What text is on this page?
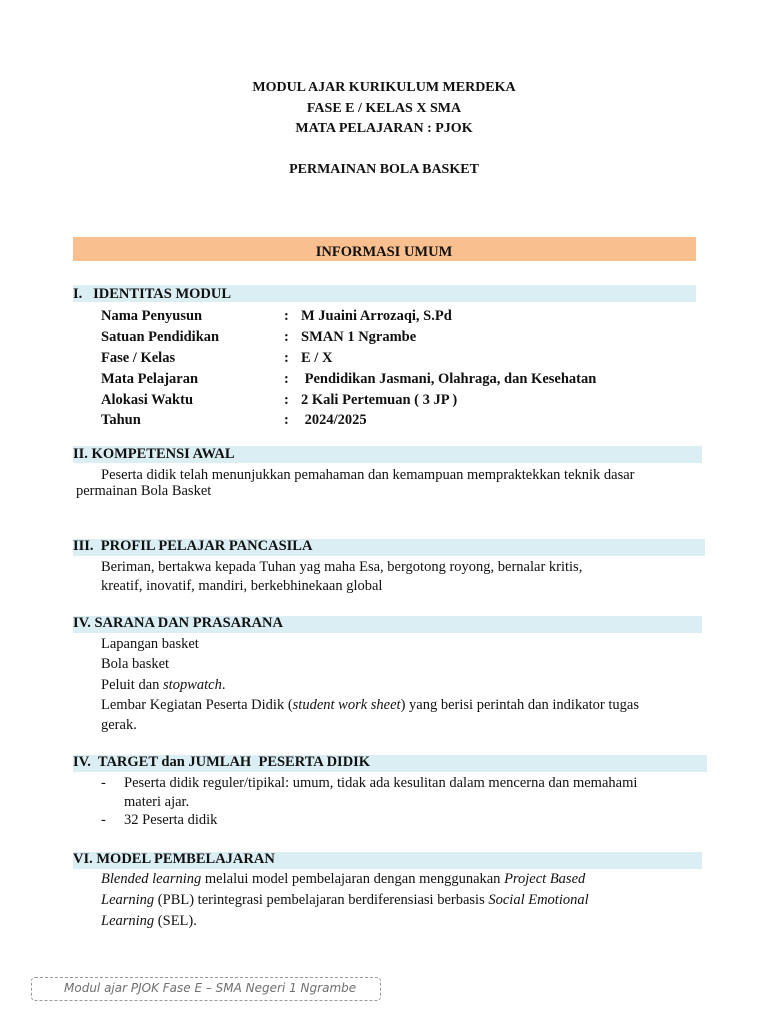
MODUL AJAR KURIKULUM MERDEKA
FASE E / KELAS X SMA
MATA PELAJARAN : PJOK
PERMAINAN BOLA BASKET
INFORMASI UMUM
I.   IDENTITAS MODUL
Nama Penyusun	: M Juaini Arrozaqi, S.Pd
Satuan Pendidikan	: SMAN 1 Ngrambe
Fase / Kelas	: E / X
Mata Pelajaran	: Pendidikan Jasmani, Olahraga, dan Kesehatan
Alokasi Waktu	: 2 Kali Pertemuan ( 3 JP )
Tahun	: 2024/2025
II. KOMPETENSI AWAL
Peserta didik telah menunjukkan pemahaman dan kemampuan mempraktekkan teknik dasar
permainan Bola Basket
III.  PROFIL PELAJAR PANCASILA
Beriman, bertakwa kepada Tuhan yag maha Esa, bergotong royong, bernalar kritis,
kreatif, inovatif, mandiri, berkebhinekaan global
IV. SARANA DAN PRASARANA
Lapangan basket
Bola basket
Peluit dan stopwatch.
Lembar Kegiatan Peserta Didik (student work sheet) yang berisi perintah dan indikator tugas
gerak.
IV.  TARGET dan JUMLAH  PESERTA DIDIK
- Peserta didik reguler/tipikal: umum, tidak ada kesulitan dalam mencerna dan memahami
materi ajar.
- 32 Peserta didik
VI. MODEL PEMBELAJARAN
Blended learning melalui model pembelajaran dengan menggunakan Project Based
Learning (PBL) terintegrasi pembelajaran berdiferensiasi berbasis Social Emotional
Learning (SEL).
Modul ajar PJOK Fase E – SMA Negeri 1 Ngrambe
